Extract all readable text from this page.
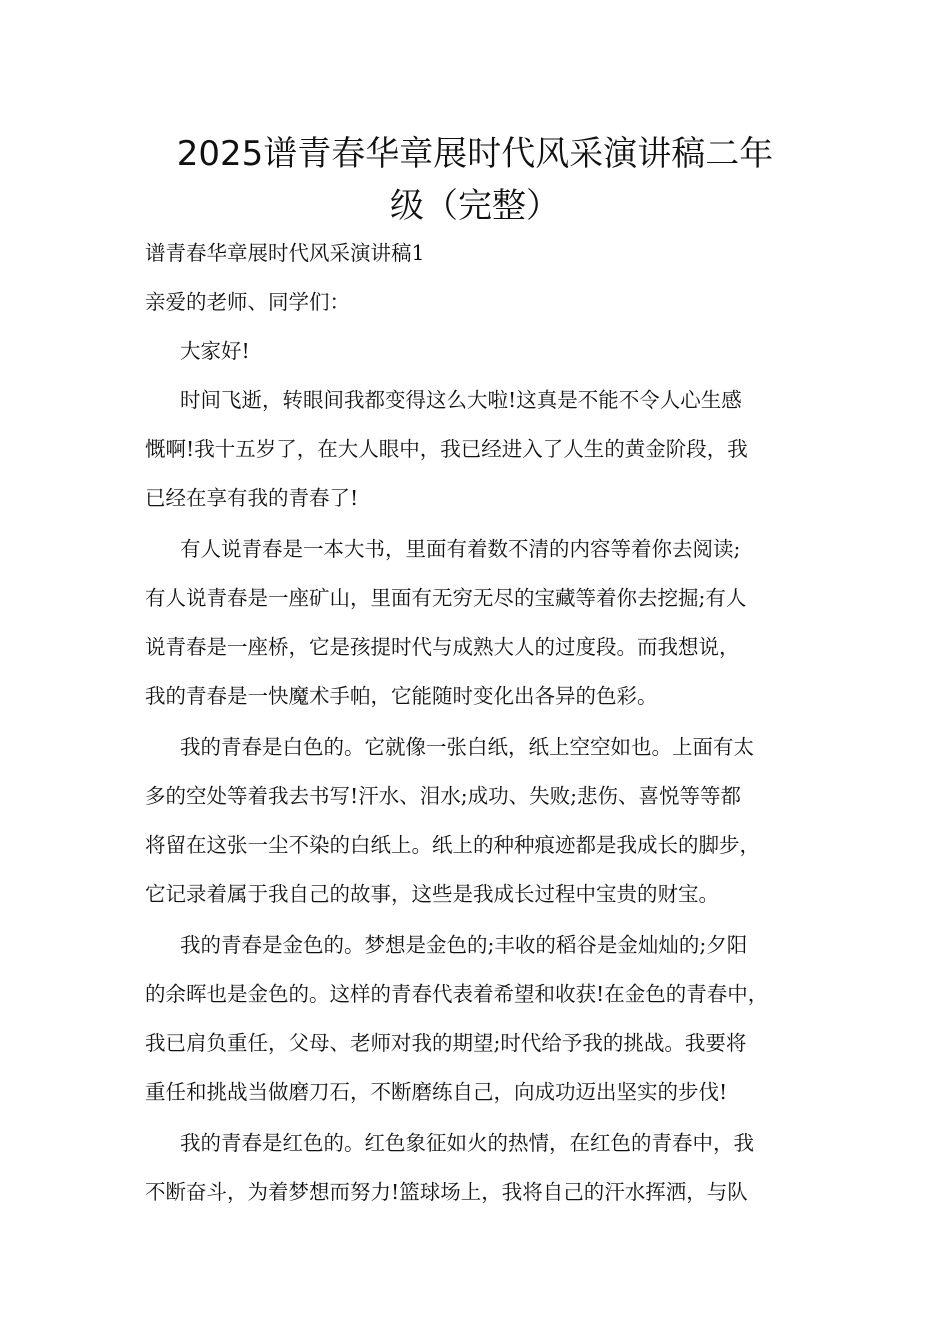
2025谱青春华章展时代风采演讲稿二年
级（完整）

谱青春华章展时代风采演讲稿1

亲爱的老师、同学们：

大家好!

时间飞逝，转眼间我都变得这么大啦!这真是不能不令人心生感

慨啊!我十五岁了，在大人眼中，我已经进入了人生的黄金阶段，我

已经在享有我的青春了!

有人说青春是一本大书，里面有着数不清的内容等着你去阅读;

有人说青春是一座矿山，里面有无穷无尽的宝藏等着你去挖掘;有人

说青春是一座桥，它是孩提时代与成熟大人的过度段。而我想说，

我的青春是一快魔术手帕，它能随时变化出各异的色彩。

我的青春是白色的。它就像一张白纸，纸上空空如也。上面有太

多的空处等着我去书写!汗水、泪水;成功、失败;悲伤、喜悦等等都

将留在这张一尘不染的白纸上。纸上的种种痕迹都是我成长的脚步，

它记录着属于我自己的故事，这些是我成长过程中宝贵的财宝。

我的青春是金色的。梦想是金色的;丰收的稻谷是金灿灿的;夕阳

的余晖也是金色的。这样的青春代表着希望和收获!在金色的青春中，

我已肩负重任，父母、老师对我的期望;时代给予我的挑战。我要将

重任和挑战当做磨刀石，不断磨练自己，向成功迈出坚实的步伐!

我的青春是红色的。红色象征如火的热情，在红色的青春中，我

不断奋斗，为着梦想而努力!篮球场上，我将自己的汗水挥洒，与队
